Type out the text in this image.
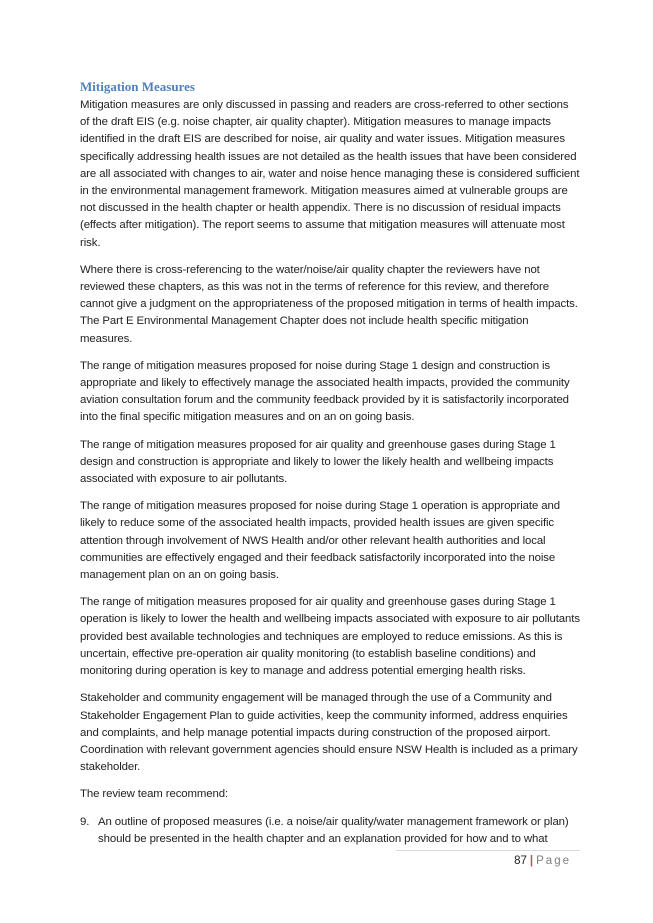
Mitigation Measures

Mitigation measures are only discussed in passing and readers are cross-referred to other sections of the draft EIS (e.g. noise chapter, air quality chapter). Mitigation measures to manage impacts identified in the draft EIS are described for noise, air quality and water issues. Mitigation measures specifically addressing health issues are not detailed as the health issues that have been considered are all associated with changes to air, water and noise hence managing these is considered sufficient in the environmental management framework. Mitigation measures aimed at vulnerable groups are not discussed in the health chapter or health appendix. There is no discussion of residual impacts (effects after mitigation). The report seems to assume that mitigation measures will attenuate most risk.

Where there is cross-referencing to the water/noise/air quality chapter the reviewers have not reviewed these chapters, as this was not in the terms of reference for this review, and therefore cannot give a judgment on the appropriateness of the proposed mitigation in terms of health impacts. The Part E Environmental Management Chapter does not include health specific mitigation measures.

The range of mitigation measures proposed for noise during Stage 1 design and construction is appropriate and likely to effectively manage the associated health impacts, provided the community aviation consultation forum and the community feedback provided by it is satisfactorily incorporated into the final specific mitigation measures and on an on going basis.

The range of mitigation measures proposed for air quality and greenhouse gases during Stage 1 design and construction is appropriate and likely to lower the likely health and wellbeing impacts associated with exposure to air pollutants.

The range of mitigation measures proposed for noise during Stage 1 operation is appropriate and likely to reduce some of the associated health impacts, provided health issues are given specific attention through involvement of NWS Health and/or other relevant health authorities and local communities are effectively engaged and their feedback satisfactorily incorporated into the noise management plan on an on going basis.

The range of mitigation measures proposed for air quality and greenhouse gases during Stage 1 operation is likely to lower the health and wellbeing impacts associated with exposure to air pollutants provided best available technologies and techniques are employed to reduce emissions. As this is uncertain, effective pre-operation air quality monitoring (to establish baseline conditions) and monitoring during operation is key to manage and address potential emerging health risks.

Stakeholder and community engagement will be managed through the use of a Community and Stakeholder Engagement Plan to guide activities, keep the community informed, address enquiries and complaints, and help manage potential impacts during construction of the proposed airport. Coordination with relevant government agencies should ensure NSW Health is included as a primary stakeholder.

The review team recommend:

9. An outline of proposed measures (i.e. a noise/air quality/water management framework or plan) should be presented in the health chapter and an explanation provided for how and to what
87 | Page
